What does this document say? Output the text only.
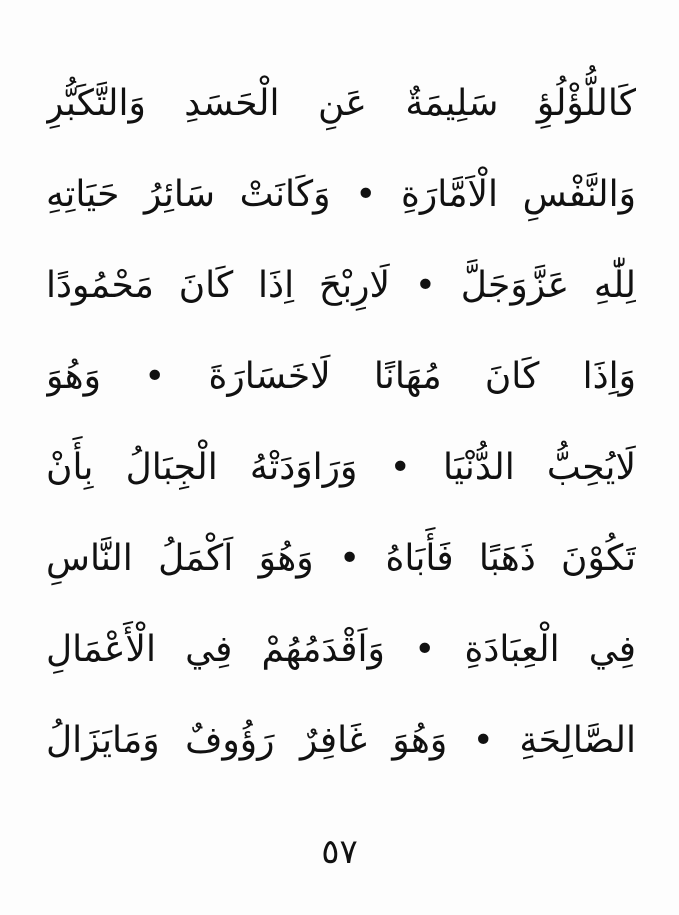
كَاللُّؤْلُؤِ سَلِيمَةٌ عَنِ الْحَسَدِ وَالتَّكَبُّرِ
وَالنَّفْسِ الْاَمَّارَةِ • وَكَانَتْ سَائِرُ حَيَاتِهِ
لِلّٰهِ عَزَّوَجَلَّ • لَارِبْحَ اِذَا كَانَ مَحْمُودًا
وَاِذَا كَانَ مُهَانًا لَاخَسَارَةَ • وَهُوَ
لَايُحِبُّ الدُّنْيَا • وَرَاوَدَتْهُ الْجِبَالُ بِأَنْ
تَكُوْنَ ذَهَبًا فَأَبَاهُ • وَهُوَ اَكْمَلُ النَّاسِ
فِي الْعِبَادَةِ • وَاَقْدَمُهُمْ فِي الْأَعْمَالِ
الصَّالِحَةِ • وَهُوَ غَافِرٌ رَؤُوفٌ وَمَايَزَالُ
٥٧
